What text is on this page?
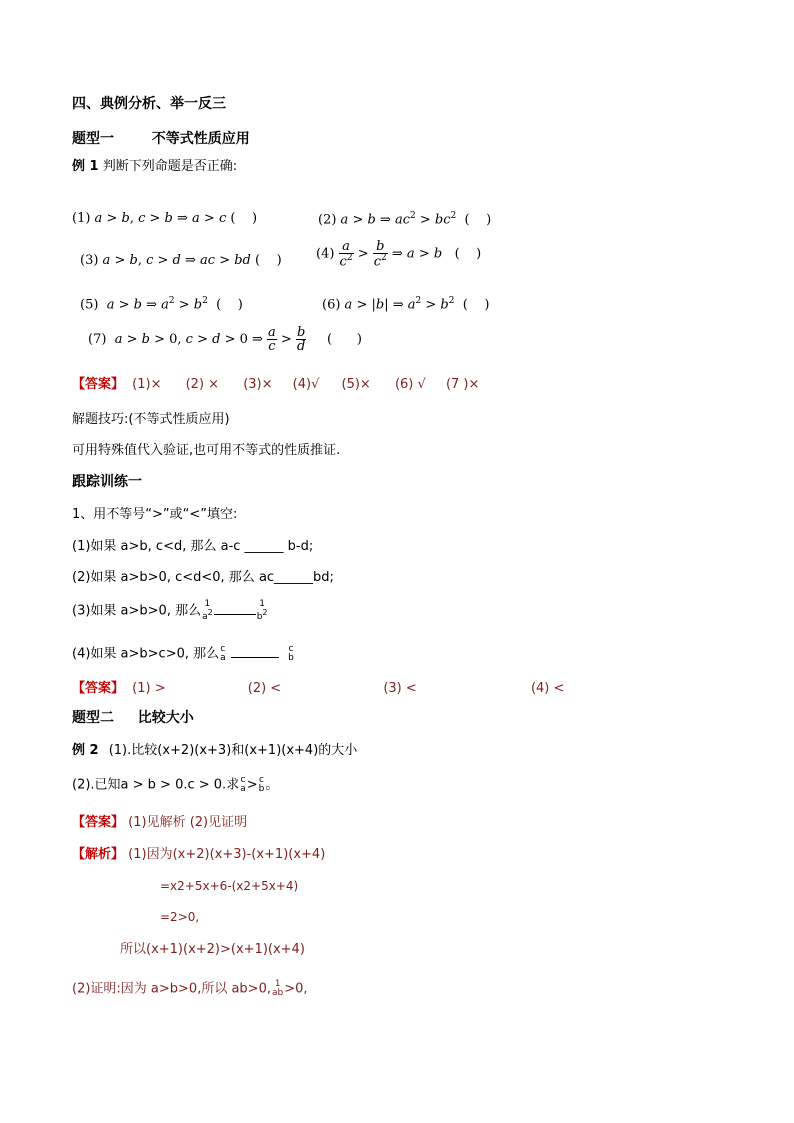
四、典例分析、举一反三
题型一	不等式性质应用
例 1 判断下列命题是否正确:
(1) a > b, c > b ⇒ a > c (    )	(2) a > b ⇒ $ac^2 > bc^2$  (    )
(3) a > b, c > d ⇒ ac > bd (    )	$(4) \frac{a}{c^2} > \frac{b}{c^2}$ ⇒ a > b   (    )
(5)  a > b ⇒ $a^2 > b^2$  (    )	(6) a > |b| ⇒ $a^2 > b^2$  (    )
(7)  a > b > 0, c > d > 0 ⇒ $\frac{a}{c} > \frac{b}{d}$ (      )
【答案】 (1)× (2) × (3)× (4)√ (5)× (6) √ (7 )×
解题技巧:(不等式性质应用)
可用特殊值代入验证,也可用不等式的性质推证.
跟踪训练一
1、用不等号“>”或“<”填空:
(1)如果 a>b, c<d, 那么 a-c ______ b-d;
(2)如果 a>b>0, c<d<0, 那么 ac______bd;
(3)如果 a>b>0, 那么 1
$a^2$
1
$b^2$
(4)如果 a>b>c>0, 那么 c
a

c
b
【答案】 (1) >	(2) <	(3) <	(4) <
题型二 比较大小
例 2 (1).比较(x+2)(x+3)和(x+1)(x+4)的大小
(2).已知a > b > 0.c > 0.求 c
a > c
b 。
【答案】 (1)见解析 (2)见证明
【解析】 (1)因为(x+2)(x+3)-(x+1)(x+4)
=x2+5x+6-(x2+5x+4)
=2>0,
所以(x+1)(x+2)>(x+1)(x+4)
(2)证明:因为 a>b>0,所以 ab>0, 1
ab >0,
